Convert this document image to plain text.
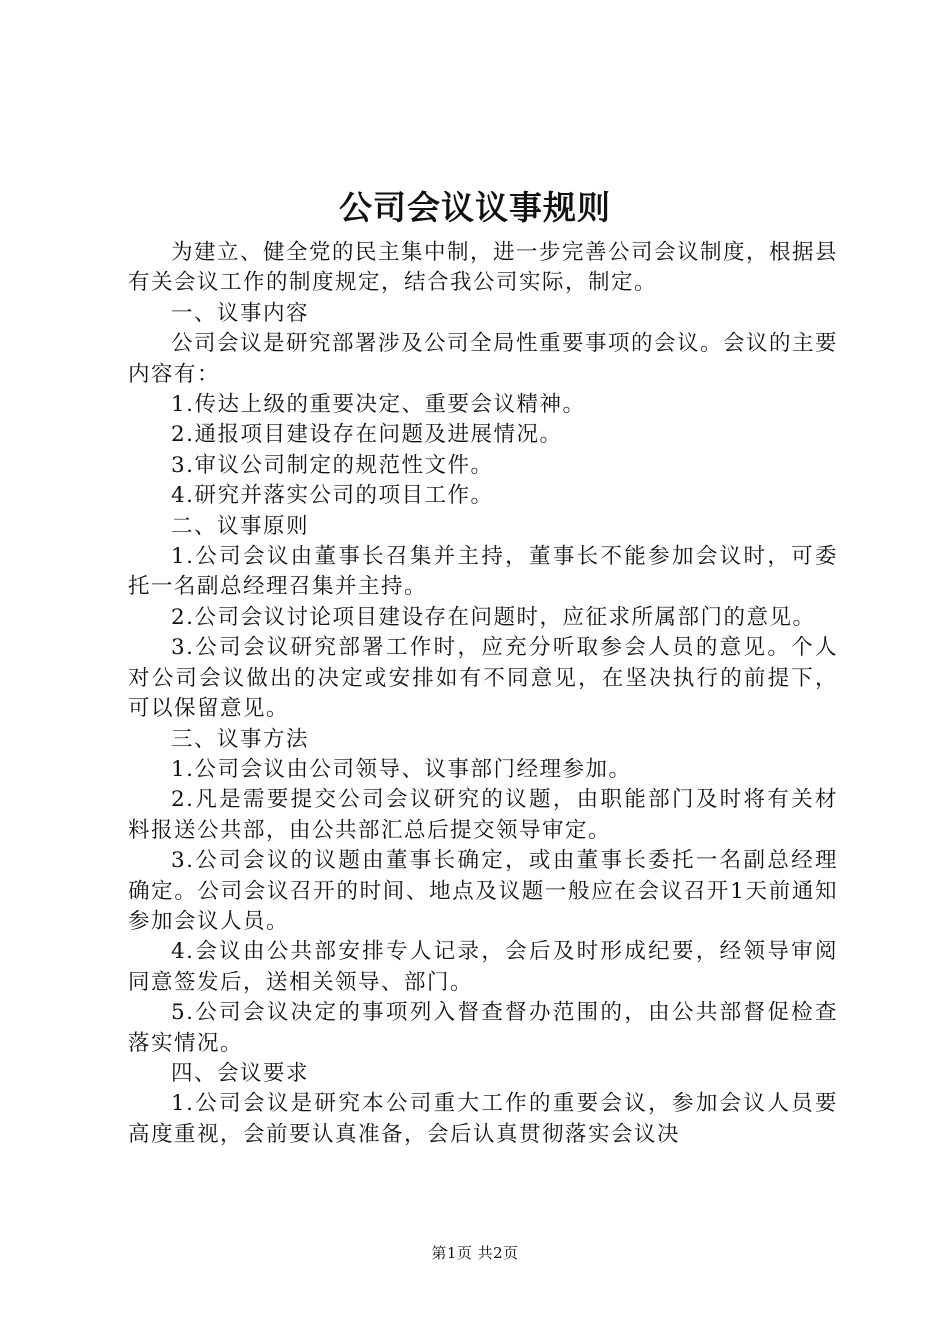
公司会议议事规则

为建立、健全党的民主集中制，进一步完善公司会议制度，根据县有关会议工作的制度规定，结合我公司实际，制定。

一、议事内容

公司会议是研究部署涉及公司全局性重要事项的会议。会议的主要内容有：

1.传达上级的重要决定、重要会议精神。

2.通报项目建设存在问题及进展情况。

3.审议公司制定的规范性文件。

4.研究并落实公司的项目工作。

二、议事原则

1.公司会议由董事长召集并主持，董事长不能参加会议时，可委托一名副总经理召集并主持。

2.公司会议讨论项目建设存在问题时，应征求所属部门的意见。

3.公司会议研究部署工作时，应充分听取参会人员的意见。个人对公司会议做出的决定或安排如有不同意见，在坚决执行的前提下，可以保留意见。

三、议事方法

1.公司会议由公司领导、议事部门经理参加。

2.凡是需要提交公司会议研究的议题，由职能部门及时将有关材料报送公共部，由公共部汇总后提交领导审定。

3.公司会议的议题由董事长确定，或由董事长委托一名副总经理确定。公司会议召开的时间、地点及议题一般应在会议召开1天前通知参加会议人员。

4.会议由公共部安排专人记录，会后及时形成纪要，经领导审阅同意签发后，送相关领导、部门。

5.公司会议决定的事项列入督查督办范围的，由公共部督促检查落实情况。

四、会议要求

1.公司会议是研究本公司重大工作的重要会议，参加会议人员要高度重视，会前要认真准备，会后认真贯彻落实会议决

第1页 共2页
